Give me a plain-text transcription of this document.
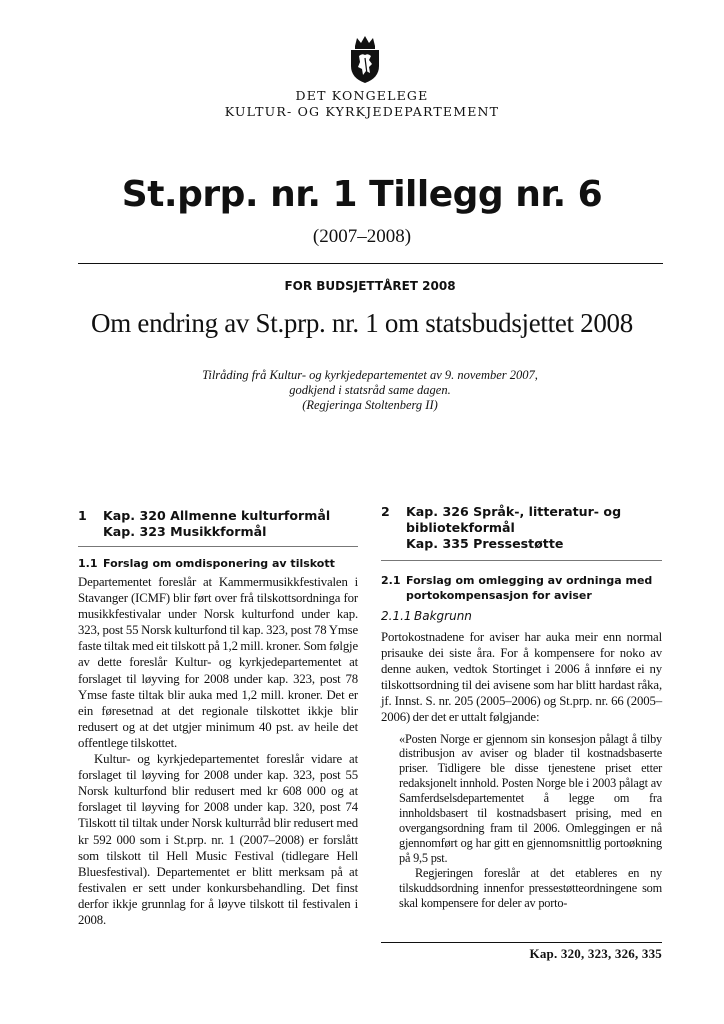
DET KONGELEGE
KULTUR- OG KYRKJEDEPARTEMENT
St.prp. nr. 1 Tillegg nr. 6
(2007–2008)
FOR BUDSJETTÅRET 2008
Om endring av St.prp. nr. 1 om statsbudsjettet 2008
Tilråding frå Kultur- og kyrkjedepartementet av 9. november 2007,
godkjend i statsråd same dagen.
(Regjeringa Stoltenberg II)
1	Kap. 320 Allmenne kulturformål
Kap. 323 Musikkformål
1.1 Forslag om omdisponering av tilskott

Departementet foreslår at Kammermusikkfestivalen i Stavanger (ICMF) blir ført over frå tilskottsordninga for musikkfestivalar under Norsk kulturfond under kap. 323, post 55 Norsk kulturfond til kap. 323, post 78 Ymse faste tiltak med eit tilskott på 1,2 mill. kroner. Som følgje av dette foreslår Kultur- og kyrkjedepartementet at forslaget til løyving for 2008 under kap. 323, post 78 Ymse faste tiltak blir auka med 1,2 mill. kroner. Det er ein føresetnad at det regionale tilskottet ikkje blir redusert og at det utgjer minimum 40 pst. av heile det offentlege tilskottet.

Kultur- og kyrkjedepartementet foreslår vidare at forslaget til løyving for 2008 under kap. 323, post 55 Norsk kulturfond blir redusert med kr 608 000 og at forslaget til løyving for 2008 under kap. 320, post 74 Tilskott til tiltak under Norsk kulturråd blir redusert med kr 592 000 som i St.prp. nr. 1 (2007–2008) er forslått som tilskott til Hell Music Festival (tidlegare Hell Bluesfestival). Departementet er blitt merksam på at festivalen er sett under konkursbehandling. Det finst derfor ikkje grunnlag for å løyve tilskott til festivalen i 2008.

2	Kap. 326 Språk-, litteratur- og
bibliotekformål
Kap. 335 Pressestøtte
2.1 Forslag om omlegging av ordninga med portokompensasjon for aviser
2.1.1 Bakgrunn

Portokostnadene for aviser har auka meir enn normal prisauke dei siste åra. For å kompensere for noko av denne auken, vedtok Stortinget i 2006 å innføre ei ny tilskottsordning til dei avisene som har blitt hardast råka, jf. Innst. S. nr. 205 (2005–2006) og St.prp. nr. 66 (2005–2006) der det er uttalt følgjande:

«Posten Norge er gjennom sin konsesjon pålagt å tilby distribusjon av aviser og blader til kostnadsbaserte priser. Tidligere ble disse tjenestene priset etter redaksjonelt innhold. Posten Norge ble i 2003 pålagt av Samferdselsdepartementet å legge om fra innholdsbasert til kostnadsbasert prising, med en overgangsordning fram til 2006. Omleggingen er nå gjennomført og har gitt en gjennomsnittlig portoøkning på 9,5 pst.

Regjeringen foreslår at det etableres en ny tilskuddsordning innenfor pressestøtteordningene som skal kompensere for deler av porto-

Kap. 320, 323, 326, 335
